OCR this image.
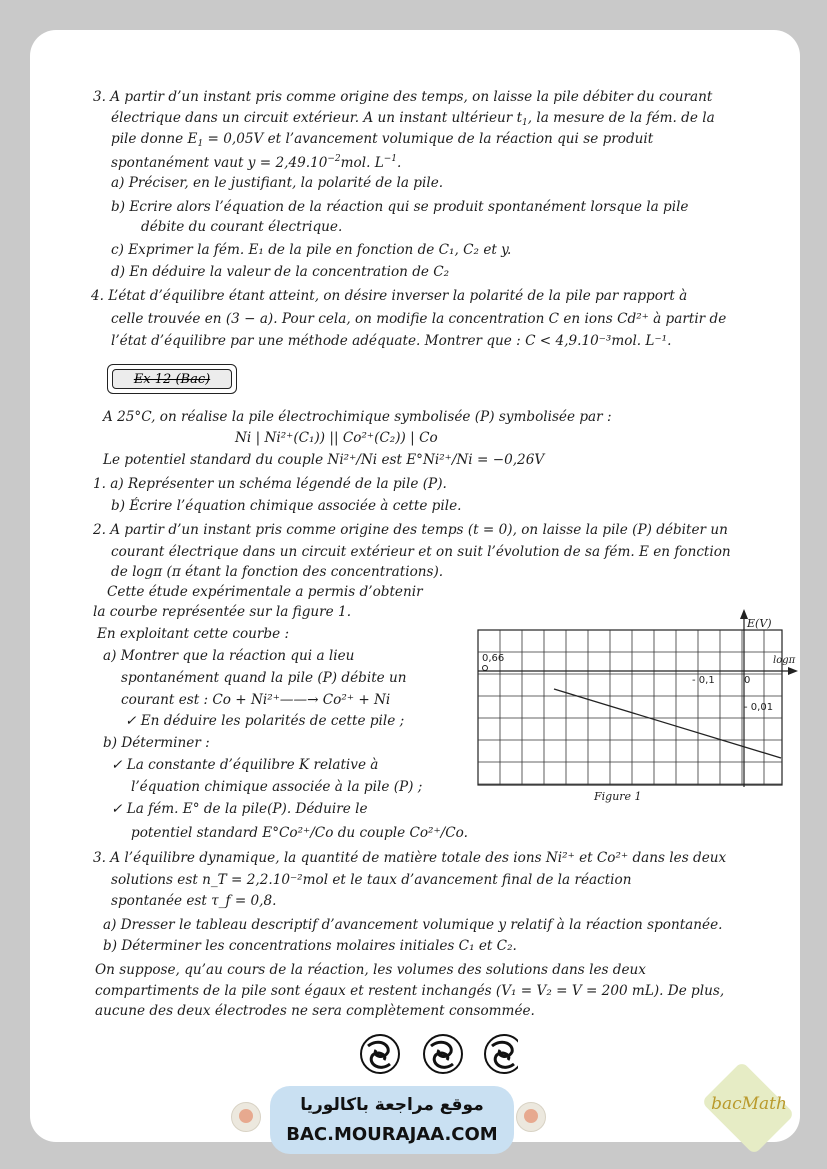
3. A partir d’un instant pris comme origine des temps, on laisse la pile débiter du courant
électrique dans un circuit extérieur. A un instant ultérieur $t_1$, la mesure de la fém. de la
pile donne $E_1 = 0,05V$ et l’avancement volumique de la réaction qui se produit
spontanément vaut $y = 2,49.10^{-2}mol$. $L^{-1}$.
a) Préciser, en le justifiant, la polarité de la pile.
b) Ecrire alors l’équation de la réaction qui se produit spontanément lorsque la pile
débite du courant électrique.
c) Exprimer la fém. E₁ de la pile en fonction de C₁, C₂ et y.
d) En déduire la valeur de la concentration de C₂
4. L’état d’équilibre étant atteint, on désire inverser la polarité de la pile par rapport à
celle trouvée en (3 − a). Pour cela, on modifie la concentration C en ions Cd²⁺ à partir de
l’état d’équilibre par une méthode adéquate. Montrer que : C < 4,9.10⁻³mol. L⁻¹.
Ex 12 (Bac)
A 25°C, on réalise la pile électrochimique symbolisée (P) symbolisée par :
Ni | Ni²⁺(C₁)) || Co²⁺(C₂)) | Co
Le potentiel standard du couple Ni²⁺/Ni est E°Ni²⁺/Ni = −0,26V
1. a) Représenter un schéma légendé de la pile (P).
b) Écrire l’équation chimique associée à cette pile.
2. A partir d’un instant pris comme origine des temps (t = 0), on laisse la pile (P) débiter un
courant électrique dans un circuit extérieur et on suit l’évolution de sa fém. E en fonction
de logπ (π étant la fonction des concentrations).
Cette étude expérimentale a permis d’obtenir
la courbe représentée sur la figure 1.
En exploitant cette courbe :
a) Montrer que la réaction qui a lieu
spontanément quand la pile (P) débite un
courant est : Co + Ni²⁺——→ Co²⁺ + Ni
✓ En déduire les polarités de cette pile ;
b) Déterminer :
✓ La constante d’équilibre K relative à
l’équation chimique associée à la pile (P) ;
✓ La fém. E° de la pile(P). Déduire le
potentiel standard E°Co²⁺/Co du couple Co²⁺/Co.
3. A l’équilibre dynamique, la quantité de matière totale des ions Ni²⁺ et Co²⁺ dans les deux
solutions est n_T = 2,2.10⁻²mol et le taux d’avancement final de la réaction
spontanée est τ_f = 0,8.
a) Dresser le tableau descriptif d’avancement volumique y relatif à la réaction spontanée.
b) Déterminer les concentrations molaires initiales C₁ et C₂.
On suppose, qu’au cours de la réaction, les volumes des solutions dans les deux
compartiments de la pile sont égaux et restent inchangés (V₁ = V₂ = V = 200 mL). De plus,
aucune des deux électrodes ne sera complètement consommée.
E(V)
logπ
0,66
- 0,1	0
- 0,01
Figure 1
موقع مراجعة باكالوريا
BAC.MOURAJAA.COM
bacMath
